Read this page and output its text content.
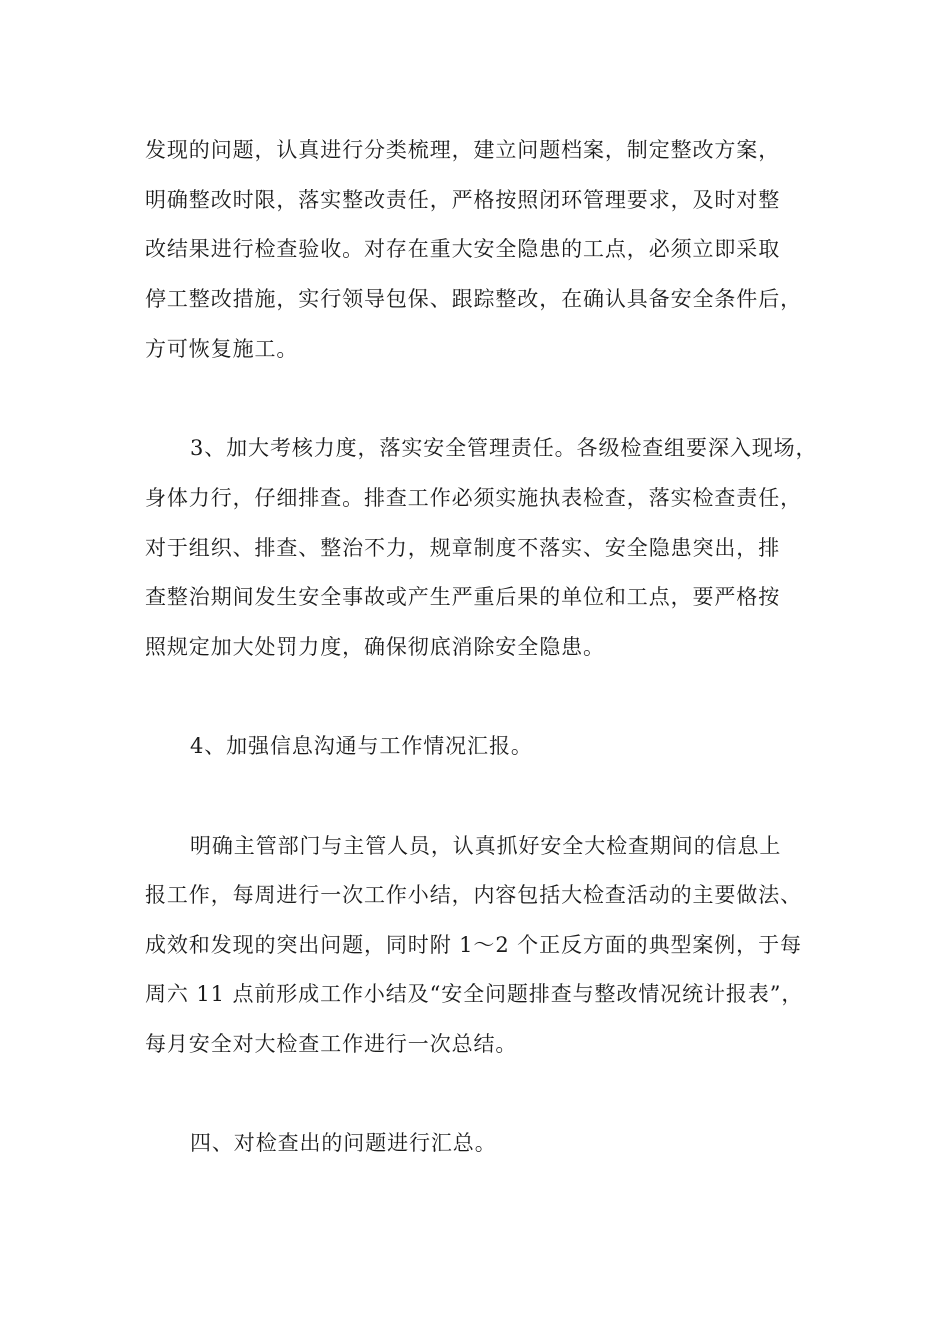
发现的问题，认真进行分类梳理，建立问题档案，制定整改方案，

明确整改时限，落实整改责任，严格按照闭环管理要求，及时对整

改结果进行检查验收。对存在重大安全隐患的工点，必须立即采取

停工整改措施，实行领导包保、跟踪整改，在确认具备安全条件后，

方可恢复施工。

3、加大考核力度，落实安全管理责任。各级检查组要深入现场，

身体力行，仔细排查。排查工作必须实施执表检查，落实检查责任，

对于组织、排查、整治不力，规章制度不落实、安全隐患突出，排

查整治期间发生安全事故或产生严重后果的单位和工点，要严格按

照规定加大处罚力度，确保彻底消除安全隐患。

4、加强信息沟通与工作情况汇报。

明确主管部门与主管人员，认真抓好安全大检查期间的信息上

报工作，每周进行一次工作小结，内容包括大检查活动的主要做法、

成效和发现的突出问题，同时附 1～2 个正反方面的典型案例，于每

周六 11 点前形成工作小结及“安全问题排查与整改情况统计报表”，

每月安全对大检查工作进行一次总结。

四、对检查出的问题进行汇总。
